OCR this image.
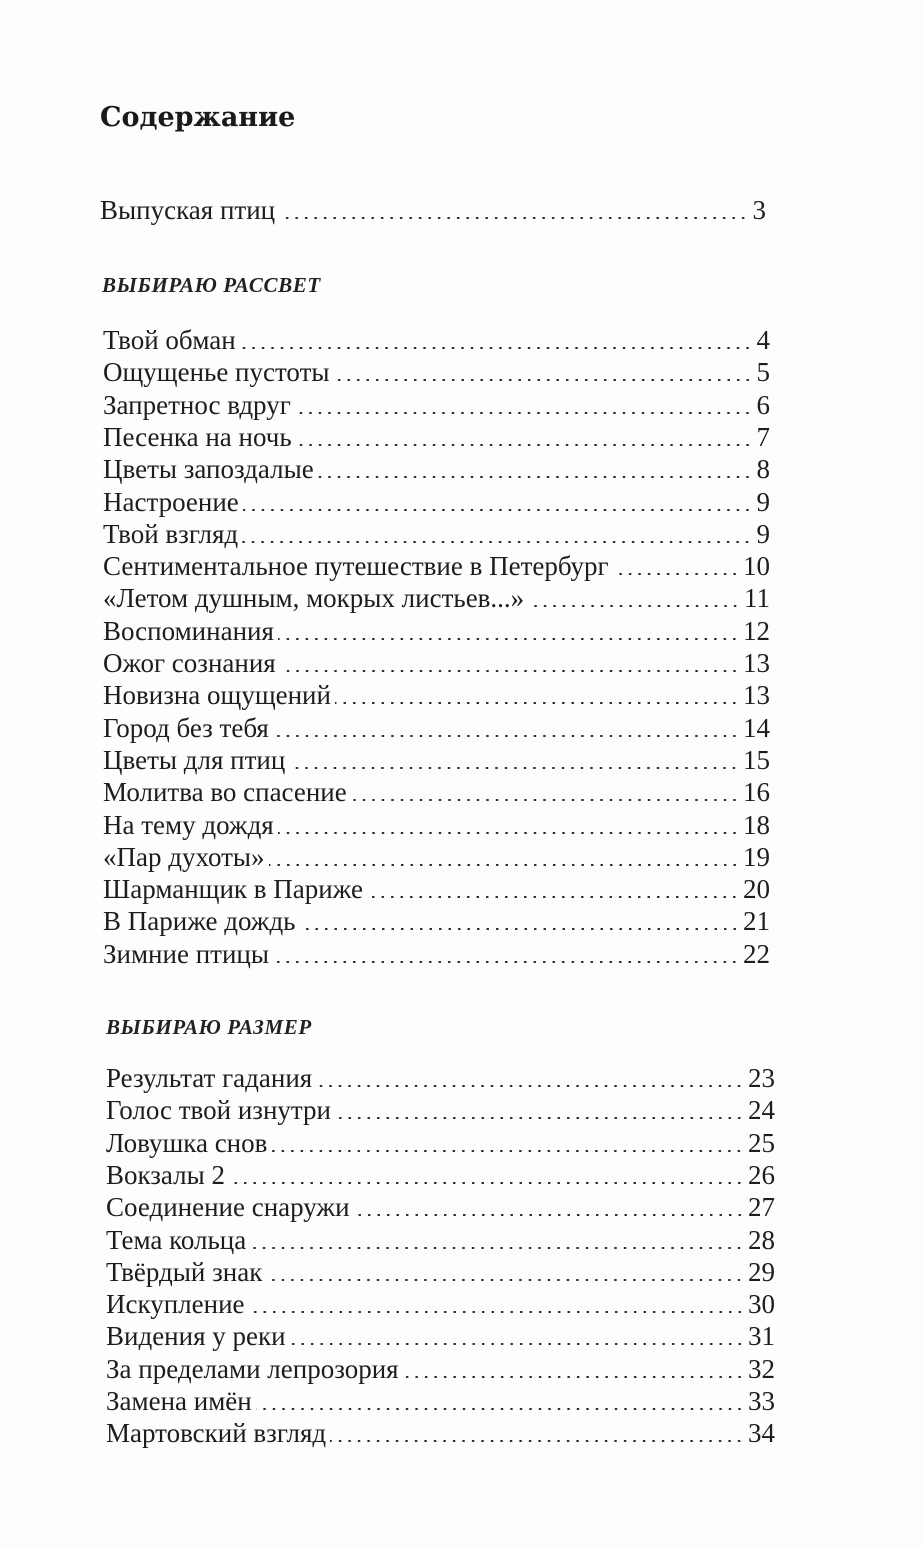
Содержание
Выпуская птиц	3
ВЫБИРАЮ РАССВЕТ
Твой обман	4
Ощущенье пустоты	5
Запретнос вдруг	6
Песенка на ночь	7
Цветы запоздалые	8
Настроение	9
Твой взгляд	9
Сентиментальное путешествие в Петербург	10
«Летом душным, мокрых листьев...»	11
Воспоминания	12
Ожог сознания	13
Новизна ощущений	13
Город без тебя	14
Цветы для птиц	15
Молитва во спасение	16
На тему дождя	18
«Пар духоты»	19
Шарманщик в Париже	20
В Париже дождь	21
Зимние птицы	22
ВЫБИРАЮ РАЗМЕР
Результат гадания	23
Голос твой изнутри	24
Ловушка снов	25
Вокзалы 2	26
Соединение снаружи	27
Тема кольца	28
Твёрдый знак	29
Искупление	30
Видения у реки	31
За пределами лепрозория	32
Замена имён	33
Мартовский взгляд	34
